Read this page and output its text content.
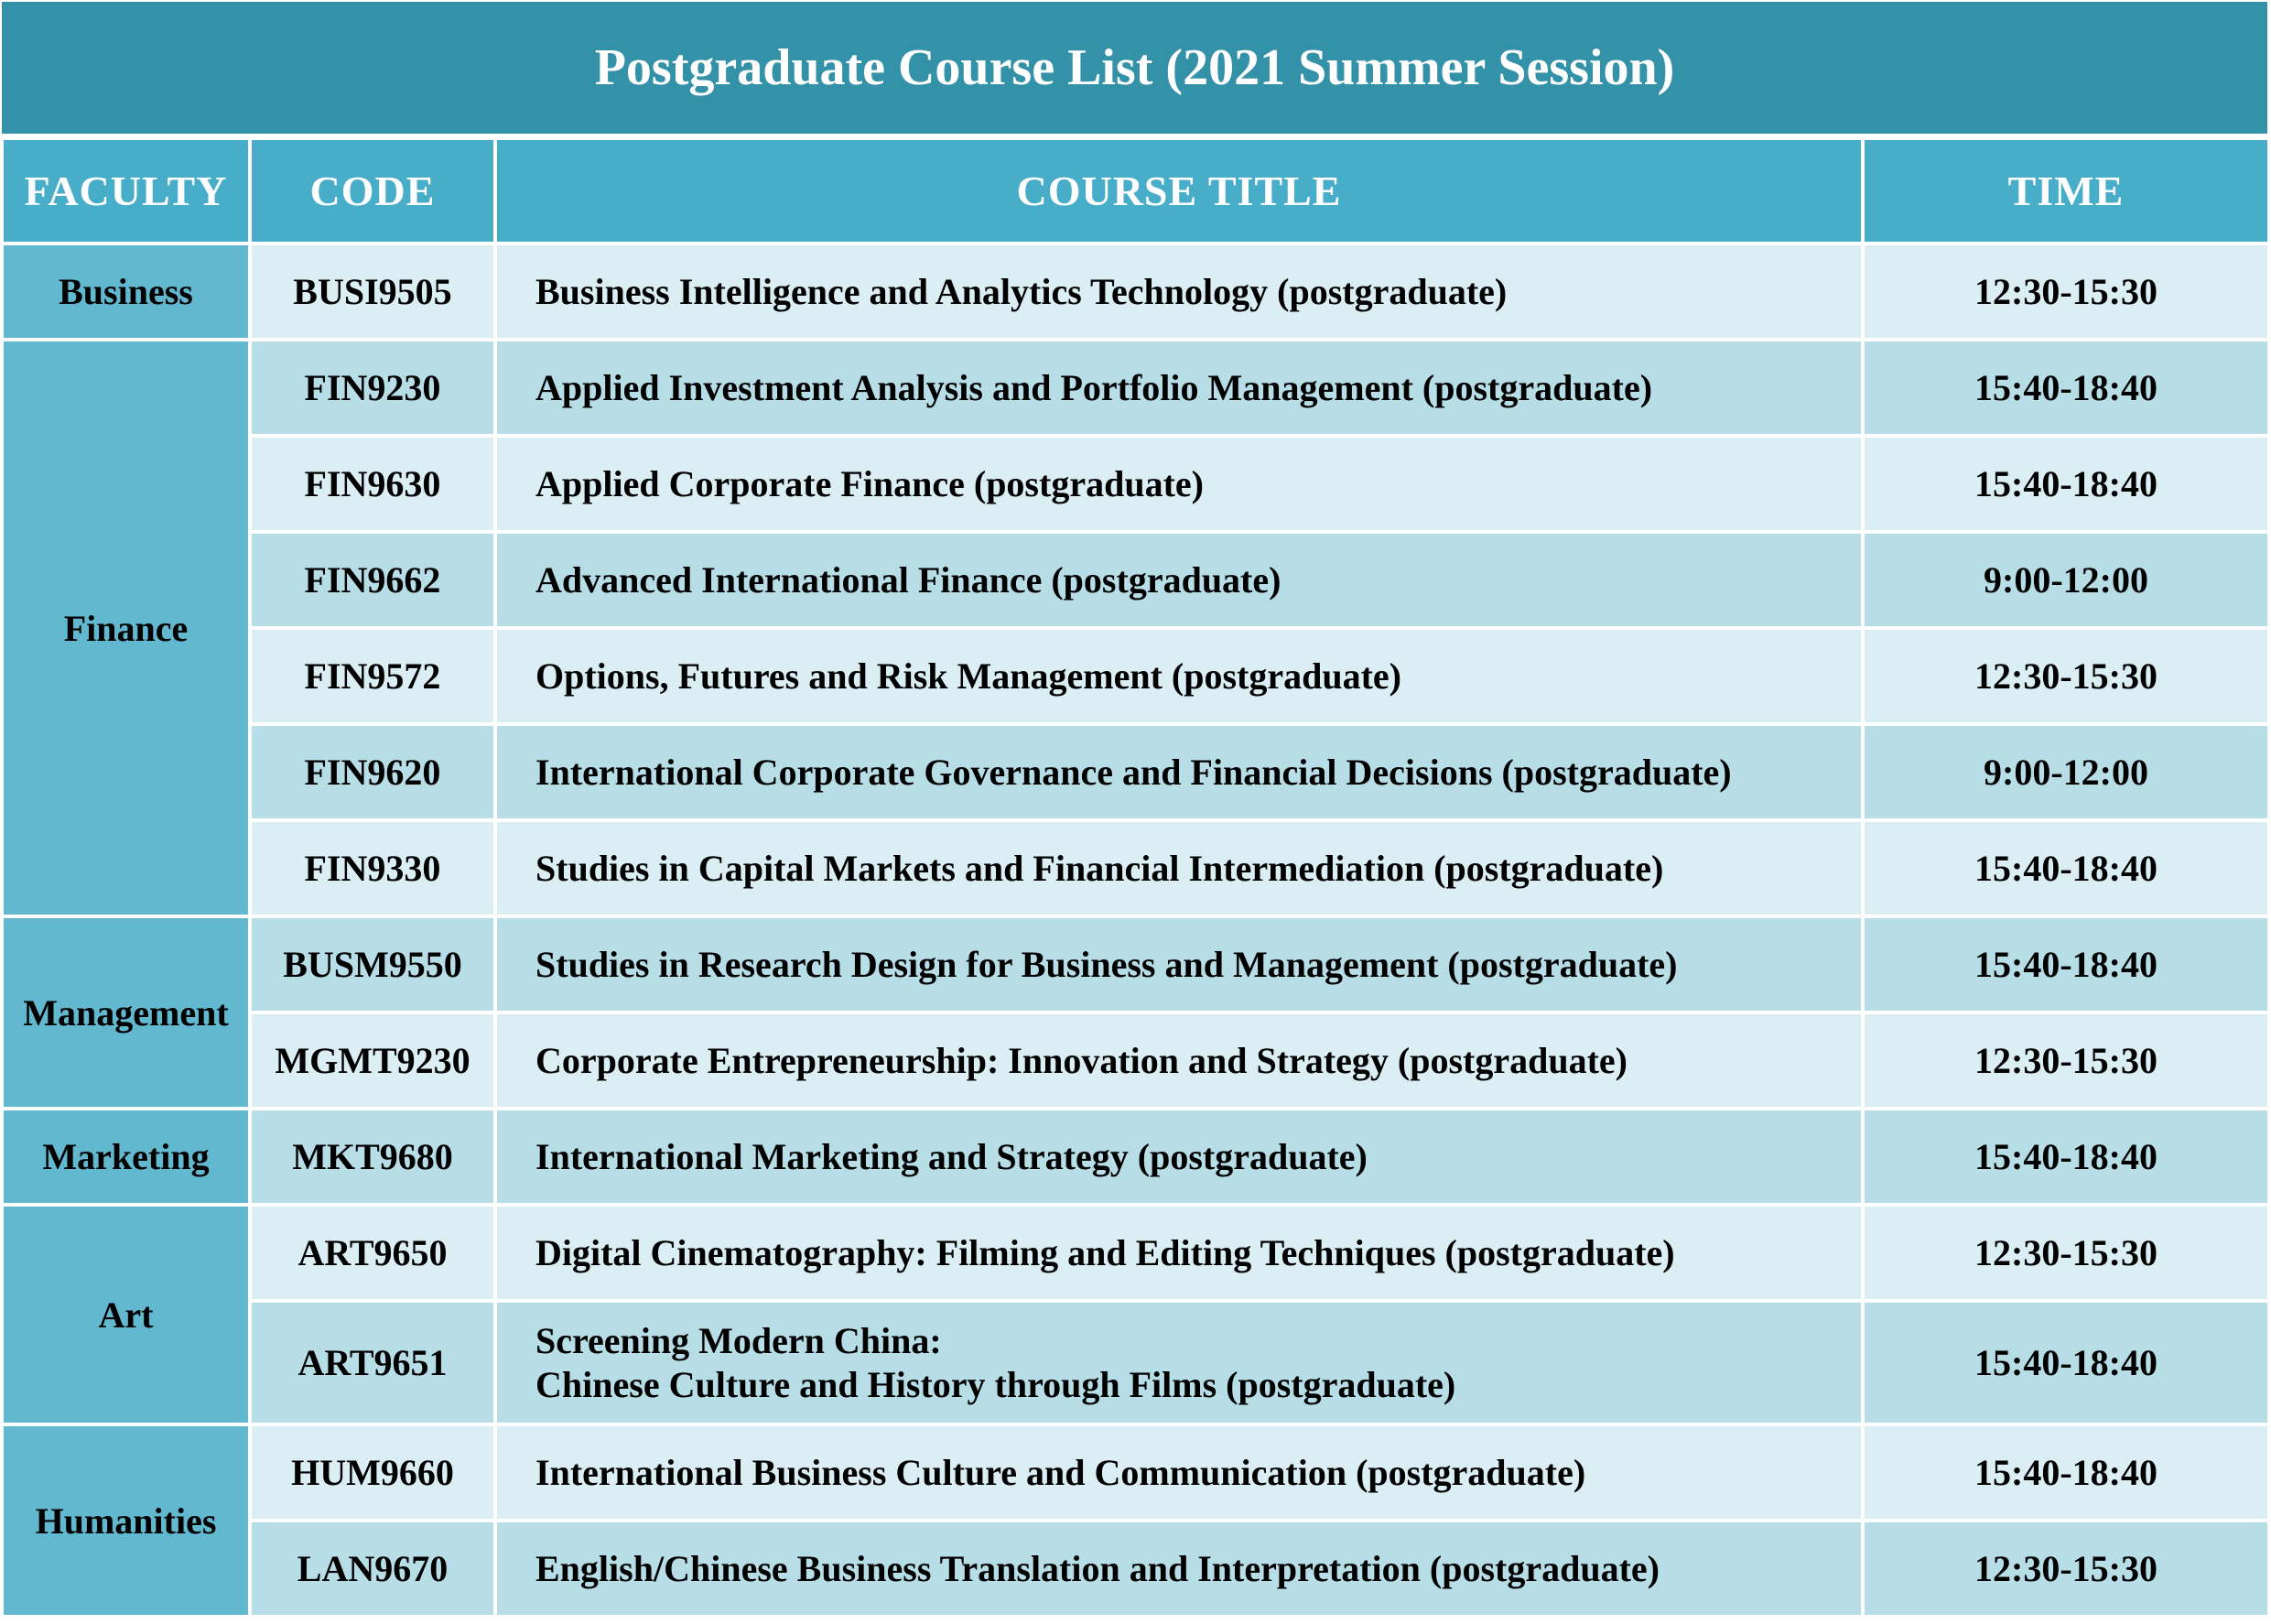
Postgraduate Course List (2021 Summer Session)
FACULTY	CODE	COURSE TITLE	TIME
Business	BUSI9505	Business Intelligence and Analytics Technology (postgraduate)	12:30-15:30
Finance	FIN9230	Applied Investment Analysis and Portfolio Management (postgraduate)	15:40-18:40
	FIN9630	Applied Corporate Finance (postgraduate)	15:40-18:40
	FIN9662	Advanced International Finance (postgraduate)	9:00-12:00
	FIN9572	Options, Futures and Risk Management (postgraduate)	12:30-15:30
	FIN9620	International Corporate Governance and Financial Decisions (postgraduate)	9:00-12:00
	FIN9330	Studies in Capital Markets and Financial Intermediation (postgraduate)	15:40-18:40
Management	BUSM9550	Studies in Research Design for Business and Management (postgraduate)	15:40-18:40
	MGMT9230	Corporate Entrepreneurship: Innovation and Strategy (postgraduate)	12:30-15:30
Marketing	MKT9680	International Marketing and Strategy (postgraduate)	15:40-18:40
Art	ART9650	Digital Cinematography: Filming and Editing Techniques (postgraduate)	12:30-15:30
	ART9651	Screening Modern China:
Chinese Culture and History through Films (postgraduate)	15:40-18:40
Humanities	HUM9660	International Business Culture and Communication (postgraduate)	15:40-18:40
	LAN9670	English/Chinese Business Translation and Interpretation (postgraduate)	12:30-15:30
